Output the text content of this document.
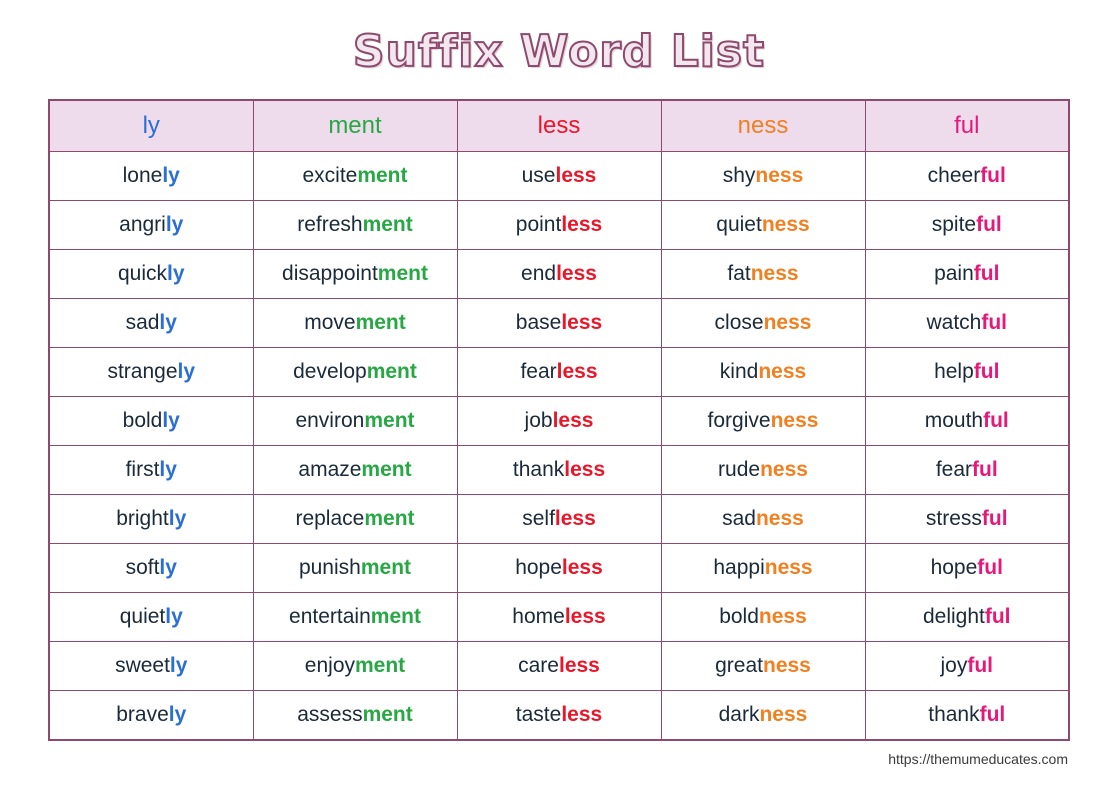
Suffix Word List
ly	ment	less	ness	ful
lonely	excitement	useless	shyness	cheerful
angrily	refreshment	pointless	quietness	spiteful
quickly	disappointment	endless	fatness	painful
sadly	movement	baseless	closeness	watchful
strangely	development	fearless	kindness	helpful
boldly	environment	jobless	forgiveness	mouthful
firstly	amazement	thankless	rudeness	fearful
brightly	replacement	selfless	sadness	stressful
softly	punishment	hopeless	happiness	hopeful
quietly	entertainment	homeless	boldness	delightful
sweetly	enjoyment	careless	greatness	joyful
bravely	assessment	tasteless	darkness	thankful
https://themumeducates.com
